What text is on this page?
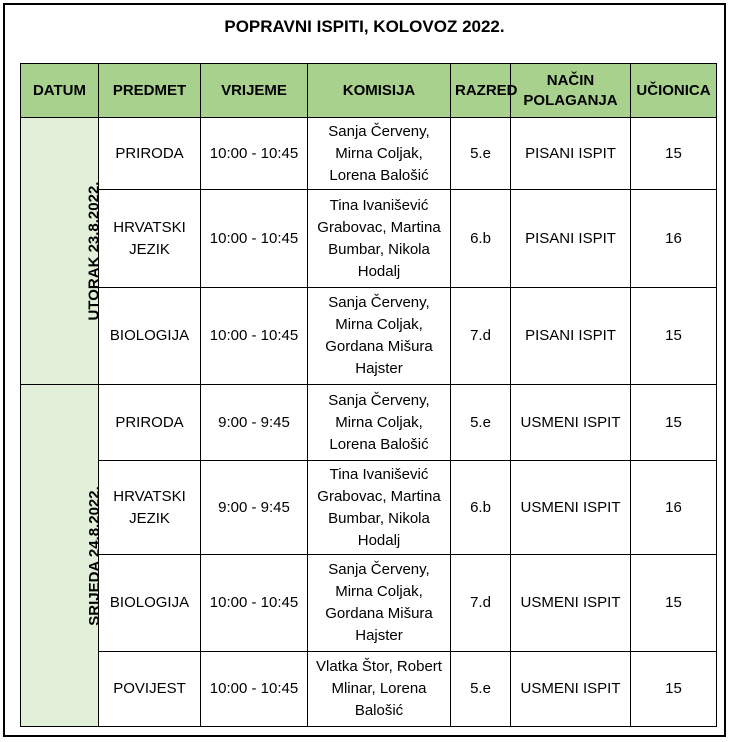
POPRAVNI ISPITI, KOLOVOZ 2022.
DATUM	PREDMET	VRIJEME	KOMISIJA	RAZRED	NAČIN POLAGANJA	UČIONICA
UTORAK 23.8.2022.	PRIRODA	10:00 - 10:45	Sanja Červeny, Mirna Coljak, Lorena Balošić	5.e	PISANI ISPIT	15
	HRVATSKI JEZIK	10:00 - 10:45	Tina Ivanišević Grabovac, Martina Bumbar, Nikola Hodalj	6.b	PISANI ISPIT	16
	BIOLOGIJA	10:00 - 10:45	Sanja Červeny, Mirna Coljak, Gordana Mišura Hajster	7.d	PISANI ISPIT	15
SRIJEDA 24.8.2022.	PRIRODA	9:00 - 9:45	Sanja Červeny, Mirna Coljak, Lorena Balošić	5.e	USMENI ISPIT	15
	HRVATSKI JEZIK	9:00 - 9:45	Tina Ivanišević Grabovac, Martina Bumbar, Nikola Hodalj	6.b	USMENI ISPIT	16
	BIOLOGIJA	10:00 - 10:45	Sanja Červeny, Mirna Coljak, Gordana Mišura Hajster	7.d	USMENI ISPIT	15
	POVIJEST	10:00 - 10:45	Vlatka Štor, Robert Mlinar, Lorena Balošić	5.e	USMENI ISPIT	15
